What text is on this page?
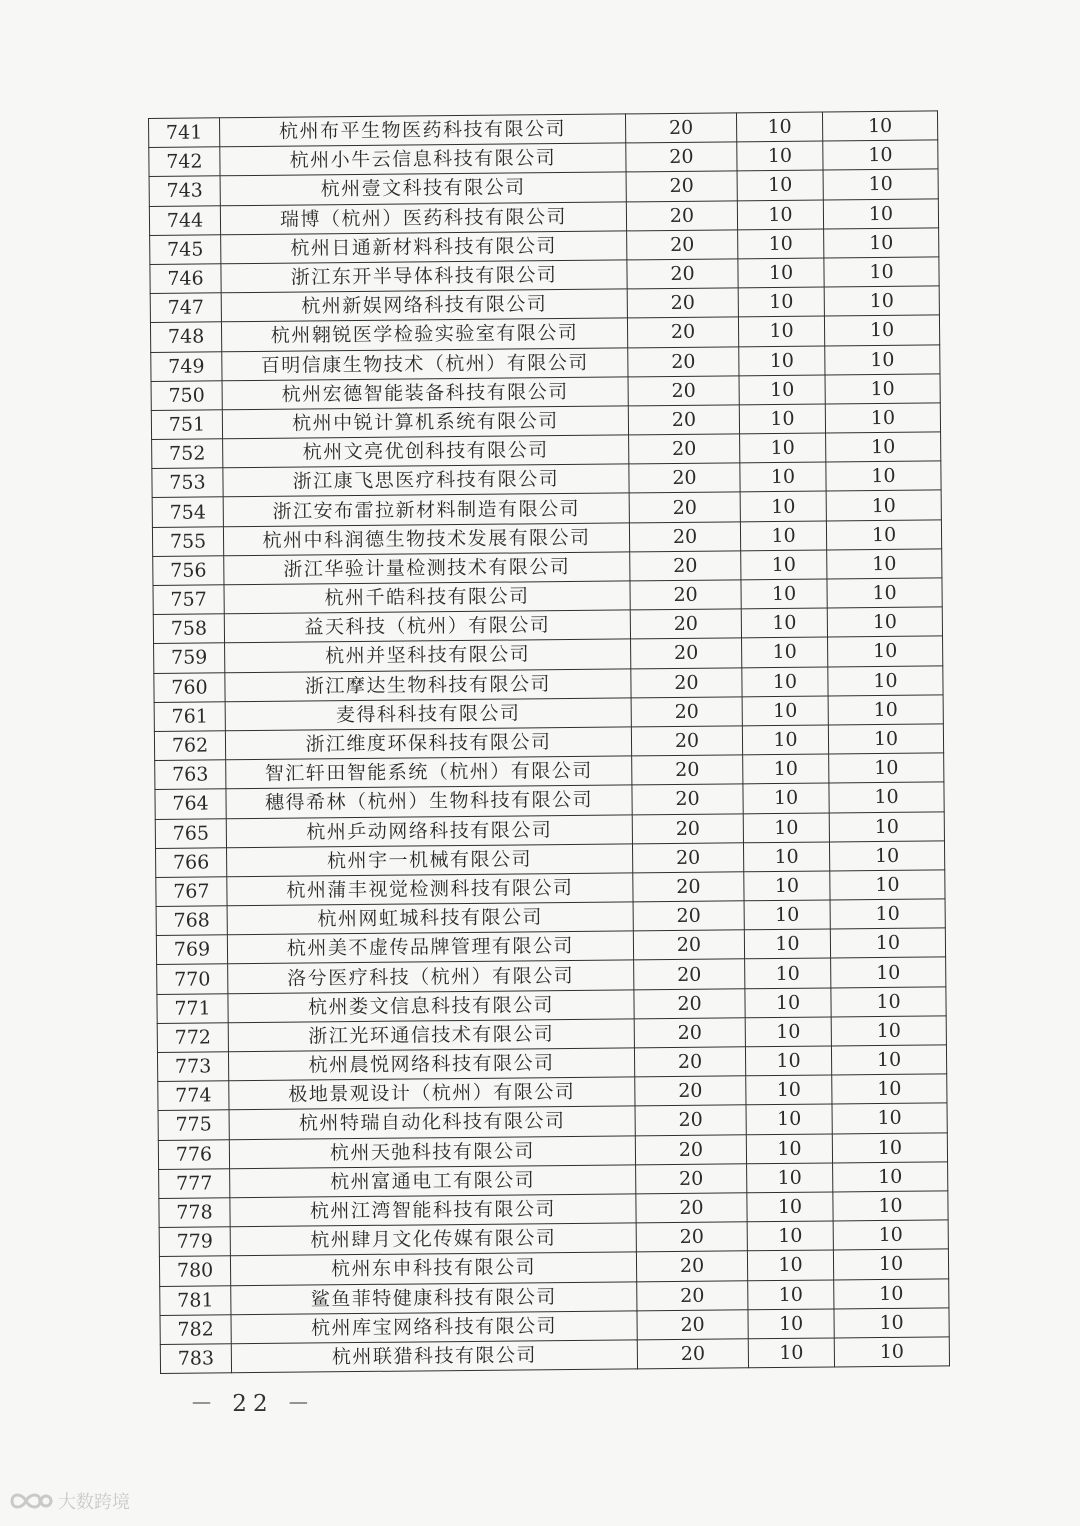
741	杭州布平生物医药科技有限公司	20	10	10
742	杭州小牛云信息科技有限公司	20	10	10
743	杭州壹文科技有限公司	20	10	10
744	瑞博（杭州）医药科技有限公司	20	10	10
745	杭州日通新材料科技有限公司	20	10	10
746	浙江东开半导体科技有限公司	20	10	10
747	杭州新娱网络科技有限公司	20	10	10
748	杭州翱锐医学检验实验室有限公司	20	10	10
749	百明信康生物技术（杭州）有限公司	20	10	10
750	杭州宏德智能装备科技有限公司	20	10	10
751	杭州中锐计算机系统有限公司	20	10	10
752	杭州文亮优创科技有限公司	20	10	10
753	浙江康飞思医疗科技有限公司	20	10	10
754	浙江安布雷拉新材料制造有限公司	20	10	10
755	杭州中科润德生物技术发展有限公司	20	10	10
756	浙江华验计量检测技术有限公司	20	10	10
757	杭州千皓科技有限公司	20	10	10
758	益天科技（杭州）有限公司	20	10	10
759	杭州并坚科技有限公司	20	10	10
760	浙江摩达生物科技有限公司	20	10	10
761	麦得科科技有限公司	20	10	10
762	浙江维度环保科技有限公司	20	10	10
763	智汇轩田智能系统（杭州）有限公司	20	10	10
764	穗得希林（杭州）生物科技有限公司	20	10	10
765	杭州乒动网络科技有限公司	20	10	10
766	杭州宇一机械有限公司	20	10	10
767	杭州蒲丰视觉检测科技有限公司	20	10	10
768	杭州网虹城科技有限公司	20	10	10
769	杭州美不虚传品牌管理有限公司	20	10	10
770	洛兮医疗科技（杭州）有限公司	20	10	10
771	杭州娄文信息科技有限公司	20	10	10
772	浙江光环通信技术有限公司	20	10	10
773	杭州晨悦网络科技有限公司	20	10	10
774	极地景观设计（杭州）有限公司	20	10	10
775	杭州特瑞自动化科技有限公司	20	10	10
776	杭州天弛科技有限公司	20	10	10
777	杭州富通电工有限公司	20	10	10
778	杭州江湾智能科技有限公司	20	10	10
779	杭州肆月文化传媒有限公司	20	10	10
780	杭州东申科技有限公司	20	10	10
781	鲨鱼菲特健康科技有限公司	20	10	10
782	杭州库宝网络科技有限公司	20	10	10
783	杭州联猎科技有限公司	20	10	10
－ 22 －
大数跨境
